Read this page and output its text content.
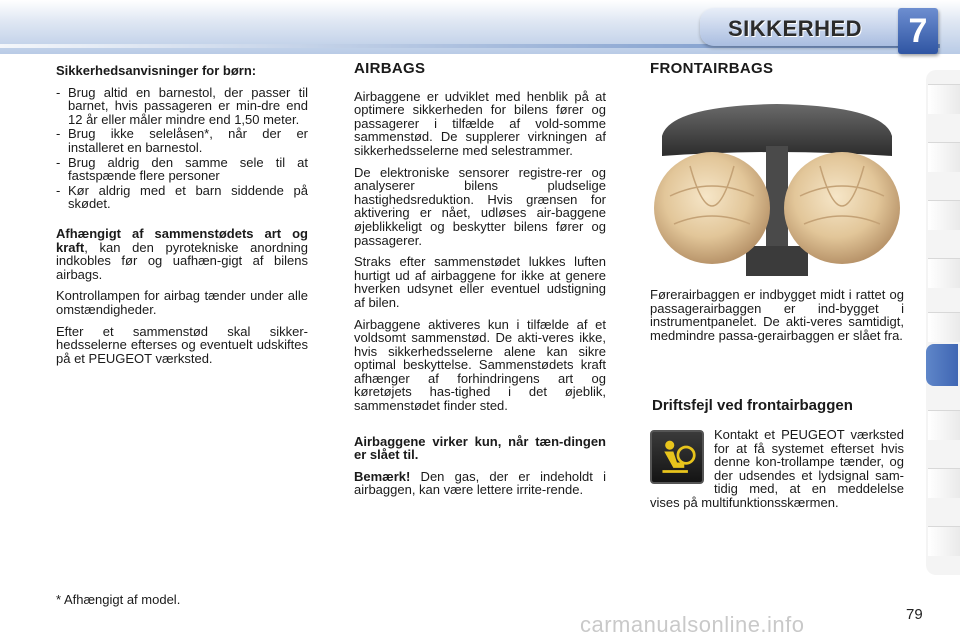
SIKKERHED	7
Sikkerhedsanvisninger for børn:
- Brug altid en barnestol, der passer til barnet, hvis passageren er min-dre end 12 år eller måler mindre end 1,50 meter.
- Brug ikke selelåsen*, når der er installeret en barnestol.
- Brug aldrig den samme sele til at fastspænde flere personer
- Kør aldrig med et barn siddende på skødet.

Afhængigt af sammenstødets art og kraft, kan den pyrotekniske anordning indkobles før og uafhæn-gigt af bilens airbags.

Kontrollampen for airbag tænder under alle omstændigheder.

Efter et sammenstød skal sikker-hedsselerne efterses og eventuelt udskiftes på et PEUGEOT værksted.

AIRBAGS

Airbaggene er udviklet med henblik på at optimere sikkerheden for bilens fører og passagerer i tilfælde af vold-somme sammenstød. De supplerer virkningen af sikkerhedsselerne med selestrammer.

De elektroniske sensorer registre-rer og analyserer bilens pludselige hastighedsreduktion. Hvis grænsen for aktivering er nået, udløses air-baggene øjeblikkeligt og beskytter bilens fører og passagerer.

Straks efter sammenstødet lukkes luften hurtigt ud af airbaggene for ikke at genere hverken udsynet eller eventuel udstigning af bilen.

Airbaggene aktiveres kun i tilfælde af et voldsomt sammenstød. De akti-veres ikke, hvis sikkerhedsselerne alene kan sikre optimal beskyttelse. Sammenstødets kraft afhænger af forhindringens art og køretøjets has-tighed i det øjeblik, sammenstødet finder sted.

Airbaggene virker kun, når tæn-dingen er slået til.

Bemærk! Den gas, der er indeholdt i airbaggen, kan være lettere irrite-rende.

FRONTAIRBAGS

Førerairbaggen er indbygget midt i rattet og passagerairbaggen er ind-bygget i instrumentpanelet. De akti-veres samtidigt, medmindre passa-gerairbaggen er slået fra.

Driftsfejl ved frontairbaggen
Kontakt et PEUGEOT værksted for at få systemet efterset hvis denne kon-trollampe tænder, og der udsendes et lydsignal sam-tidig med, at en meddelelse vises på multifunktionsskærmen.
* Afhængigt af model.
carmanualsonline.info	79
